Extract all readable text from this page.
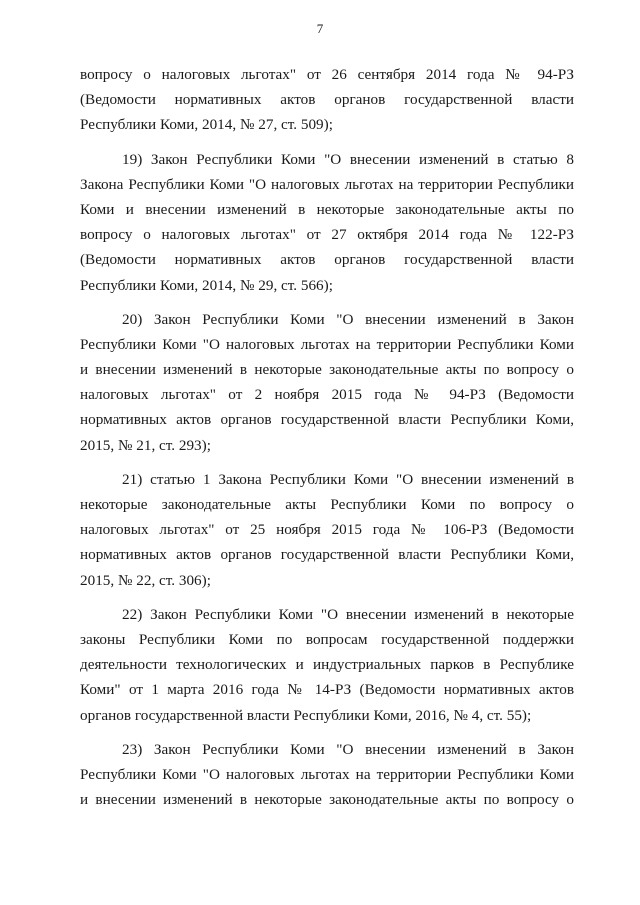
7
вопросу о налоговых льготах" от 26 сентября 2014 года № 94-РЗ
(Ведомости нормативных актов органов государственной власти
Республики Коми, 2014, № 27, ст. 509);
19) Закон Республики Коми "О внесении изменений в статью 8
Закона Республики Коми "О налоговых льготах на территории Республики
Коми и внесении изменений в некоторые законодательные акты по
вопросу о налоговых льготах" от 27 октября 2014 года № 122-РЗ
(Ведомости нормативных актов органов государственной власти
Республики Коми, 2014, № 29, ст. 566);
20) Закон Республики Коми "О внесении изменений в Закон
Республики Коми "О налоговых льготах на территории Республики Коми
и внесении изменений в некоторые законодательные акты по вопросу о
налоговых льготах" от 2 ноября 2015 года № 94-РЗ (Ведомости
нормативных актов органов государственной власти Республики Коми,
2015, № 21, ст. 293);
21) статью 1 Закона Республики Коми "О внесении изменений в
некоторые законодательные акты Республики Коми по вопросу о
налоговых льготах" от 25 ноября 2015 года № 106-РЗ (Ведомости
нормативных актов органов государственной власти Республики Коми,
2015, № 22, ст. 306);
22) Закон Республики Коми "О внесении изменений в некоторые
законы Республики Коми по вопросам государственной поддержки
деятельности технологических и индустриальных парков в Республике
Коми" от 1 марта 2016 года № 14-РЗ (Ведомости нормативных актов
органов государственной власти Республики Коми, 2016, № 4, ст. 55);
23) Закон Республики Коми "О внесении изменений в Закон
Республики Коми "О налоговых льготах на территории Республики Коми
и внесении изменений в некоторые законодательные акты по вопросу о
